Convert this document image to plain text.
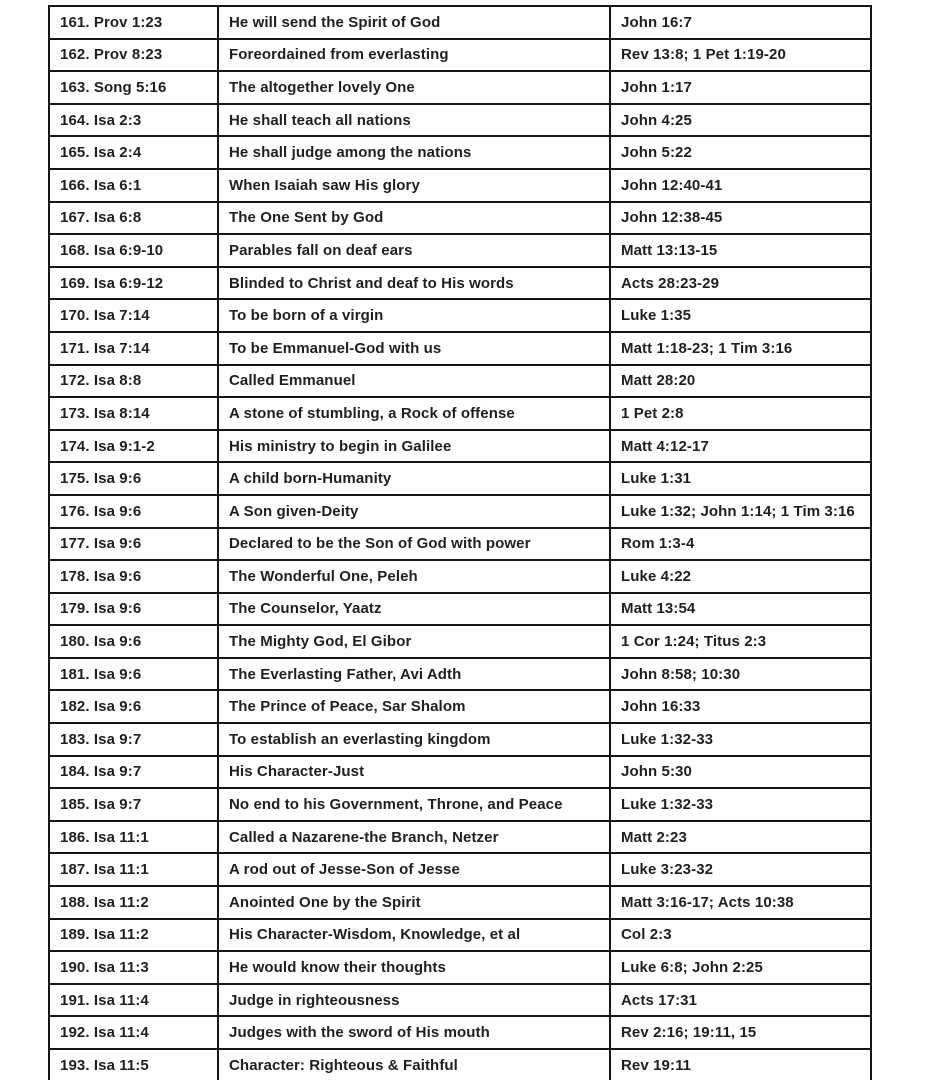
161. Prov 1:23	He will send the Spirit of God	John 16:7
162. Prov 8:23	Foreordained from everlasting	Rev 13:8; 1 Pet 1:19-20
163. Song 5:16	The altogether lovely One	John 1:17
164. Isa 2:3	He shall teach all nations	John 4:25
165. Isa 2:4	He shall judge among the nations	John 5:22
166. Isa 6:1	When Isaiah saw His glory	John 12:40-41
167. Isa 6:8	The One Sent by God	John 12:38-45
168. Isa 6:9-10	Parables fall on deaf ears	Matt 13:13-15
169. Isa 6:9-12	Blinded to Christ and deaf to His words	Acts 28:23-29
170. Isa 7:14	To be born of a virgin	Luke 1:35
171. Isa 7:14	To be Emmanuel-God with us	Matt 1:18-23; 1 Tim 3:16
172. Isa 8:8	Called Emmanuel	Matt 28:20
173. Isa 8:14	A stone of stumbling, a Rock of offense	1 Pet 2:8
174. Isa 9:1-2	His ministry to begin in Galilee	Matt 4:12-17
175. Isa 9:6	A child born-Humanity	Luke 1:31
176. Isa 9:6	A Son given-Deity	Luke 1:32; John 1:14; 1 Tim 3:16
177. Isa 9:6	Declared to be the Son of God with power	Rom 1:3-4
178. Isa 9:6	The Wonderful One, Peleh	Luke 4:22
179. Isa 9:6	The Counselor, Yaatz	Matt 13:54
180. Isa 9:6	The Mighty God, El Gibor	1 Cor 1:24; Titus 2:3
181. Isa 9:6	The Everlasting Father, Avi Adth	John 8:58; 10:30
182. Isa 9:6	The Prince of Peace, Sar Shalom	John 16:33
183. Isa 9:7	To establish an everlasting kingdom	Luke 1:32-33
184. Isa 9:7	His Character-Just	John 5:30
185. Isa 9:7	No end to his Government, Throne, and Peace	Luke 1:32-33
186. Isa 11:1	Called a Nazarene-the Branch, Netzer	Matt 2:23
187. Isa 11:1	A rod out of Jesse-Son of Jesse	Luke 3:23-32
188. Isa 11:2	Anointed One by the Spirit	Matt 3:16-17; Acts 10:38
189. Isa 11:2	His Character-Wisdom, Knowledge, et al	Col 2:3
190. Isa 11:3	He would know their thoughts	Luke 6:8; John 2:25
191. Isa 11:4	Judge in righteousness	Acts 17:31
192. Isa 11:4	Judges with the sword of His mouth	Rev 2:16; 19:11, 15
193. Isa 11:5	Character: Righteous & Faithful	Rev 19:11
